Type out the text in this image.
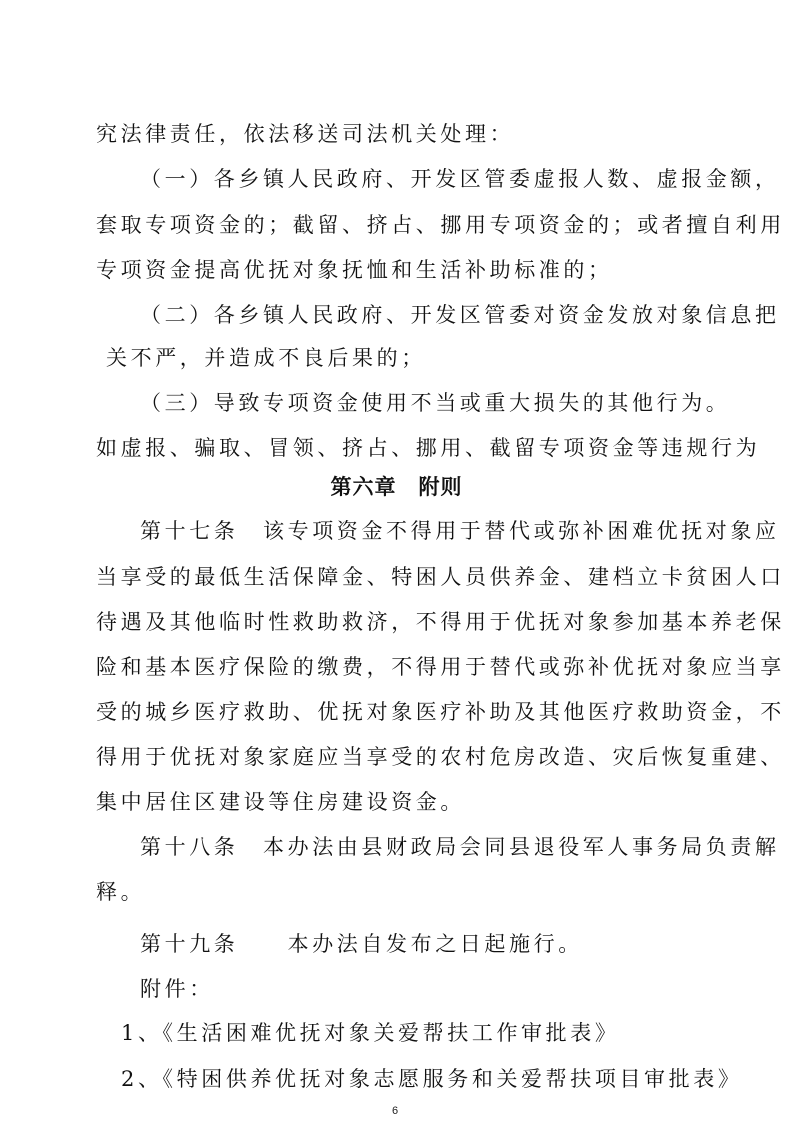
究法律责任，依法移送司法机关处理：
（一）各乡镇人民政府、开发区管委虚报人数、虚报金额，
套取专项资金的；截留、挤占、挪用专项资金的；或者擅自利用
专项资金提高优抚对象抚恤和生活补助标准的；
（二）各乡镇人民政府、开发区管委对资金发放对象信息把
关不严，并造成不良后果的；
（三）导致专项资金使用不当或重大损失的其他行为。
如虚报、骗取、冒领、挤占、挪用、截留专项资金等违规行为
第六章　附则
第十七条　该专项资金不得用于替代或弥补困难优抚对象应
当享受的最低生活保障金、特困人员供养金、建档立卡贫困人口
待遇及其他临时性救助救济，不得用于优抚对象参加基本养老保
险和基本医疗保险的缴费，不得用于替代或弥补优抚对象应当享
受的城乡医疗救助、优抚对象医疗补助及其他医疗救助资金，不
得用于优抚对象家庭应当享受的农村危房改造、灾后恢复重建、
集中居住区建设等住房建设资金。
第十八条　本办法由县财政局会同县退役军人事务局负责解
释。
第十九条　　本办法自发布之日起施行。
附件：
1、《生活困难优抚对象关爱帮扶工作审批表》
2、《特困供养优抚对象志愿服务和关爱帮扶项目审批表》
6
